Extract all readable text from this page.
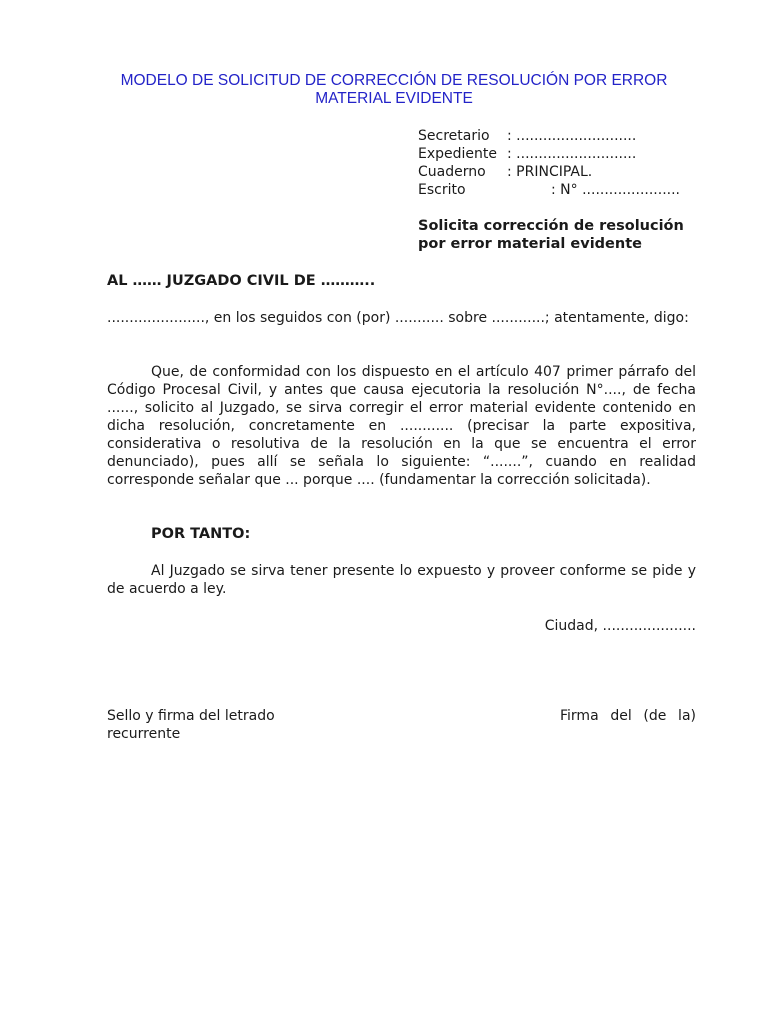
MODELO DE SOLICITUD DE CORRECCIÓN DE RESOLUCIÓN POR ERROR
MATERIAL EVIDENTE
Secretario : ...........................
Expediente : ...........................
Cuaderno : PRINCIPAL.
Escrito	: N° ......................
Solicita corrección de resolución
por error material evidente
AL …… JUZGADO CIVIL DE ………..
......................, en los seguidos con (por) ........... sobre ............; atentamente, digo:
Que, de conformidad con los dispuesto en el artículo 407 primer párrafo del Código Procesal Civil, y antes que causa ejecutoria la resolución N°...., de fecha ......, solicito al Juzgado, se sirva corregir el error material evidente contenido en dicha resolución, concretamente en ............ (precisar la parte expositiva, considerativa o resolutiva de la resolución en la que se encuentra el error denunciado), pues allí se señala lo siguiente: “.......”, cuando en realidad corresponde señalar que ... porque .... (fundamentar la corrección solicitada).
POR TANTO:
Al Juzgado se sirva tener presente lo expuesto y proveer conforme se pide y de acuerdo a ley.
Ciudad, .....................
Sello y firma del letrado recurrente
Firma del (de la)
